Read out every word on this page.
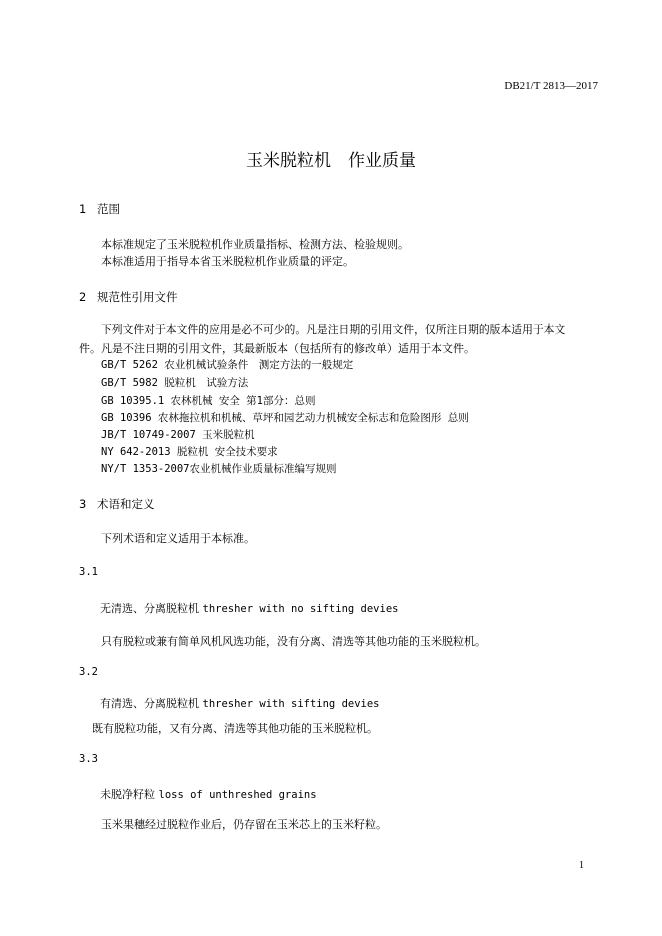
DB21/T 2813—2017
玉米脱粒机　作业质量
1 范围
本标准规定了玉米脱粒机作业质量指标、检测方法、检验规则。
本标准适用于指导本省玉米脱粒机作业质量的评定。
2 规范性引用文件
下列文件对于本文件的应用是必不可少的。凡是注日期的引用文件，仅所注日期的版本适用于本文
件。凡是不注日期的引用文件，其最新版本（包括所有的修改单）适用于本文件。
GB/T 5262 农业机械试验条件　测定方法的一般规定
GB/T 5982 脱粒机　试验方法
GB 10395.1 农林机械 安全 第1部分：总则
GB 10396 农林拖拉机和机械、草坪和园艺动力机械安全标志和危险图形 总则
JB/T 10749-2007 玉米脱粒机
NY 642-2013 脱粒机 安全技术要求
NY/T 1353-2007农业机械作业质量标准编写规则
3 术语和定义
下列术语和定义适用于本标准。
3.1
无清选、分离脱粒机 thresher with no sifting devies
只有脱粒或兼有简单风机风选功能，没有分离、清选等其他功能的玉米脱粒机。
3.2
有清选、分离脱粒机 thresher with sifting devies
既有脱粒功能，又有分离、清选等其他功能的玉米脱粒机。
3.3
未脱净籽粒 loss of unthreshed grains
玉米果穗经过脱粒作业后，仍存留在玉米芯上的玉米籽粒。
1
